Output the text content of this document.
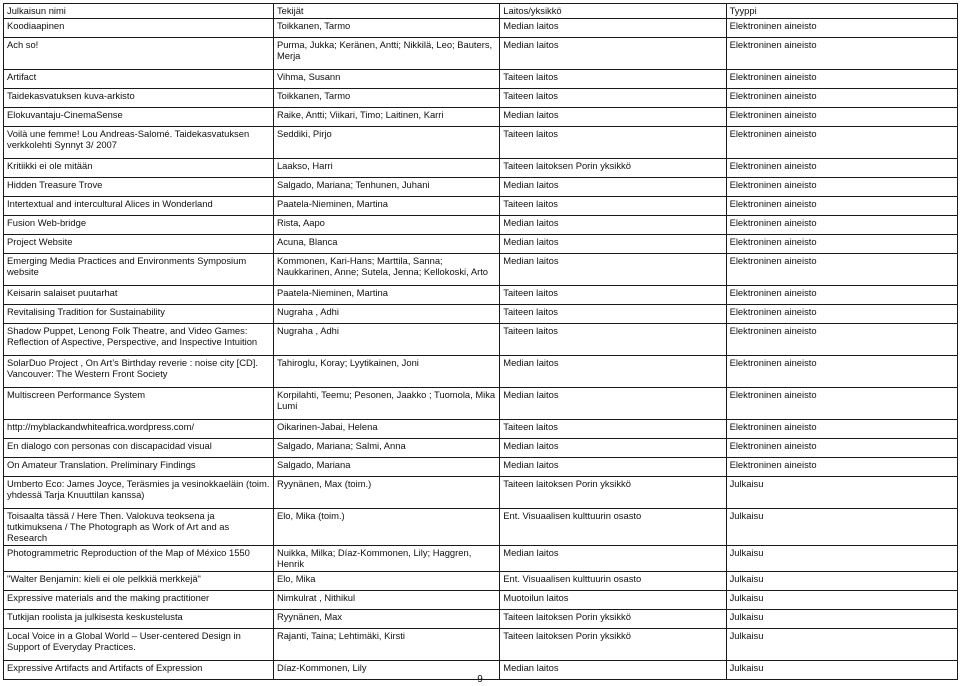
Julkaisun nimi	Tekijät	Laitos/yksikkö	Tyyppi
Koodiaapinen	Toikkanen, Tarmo	Median laitos	Elektroninen aineisto
Ach so!	Purma, Jukka; Keränen, Antti; Nikkilä, Leo; Bauters, Merja	Median laitos	Elektroninen aineisto
Artifact	Vihma, Susann	Taiteen laitos	Elektroninen aineisto
Taidekasvatuksen kuva-arkisto	Toikkanen, Tarmo	Taiteen laitos	Elektroninen aineisto
Elokuvantaju-CinemaSense	Raike, Antti; Viikari, Timo; Laitinen, Karri	Median laitos	Elektroninen aineisto
Voilà une femme! Lou Andreas-Salomé. Taidekasvatuksen verkkolehti Synnyt 3/ 2007	Seddiki, Pirjo	Taiteen laitos	Elektroninen aineisto
Kritiikki ei ole mitään	Laakso, Harri	Taiteen laitoksen Porin yksikkö	Elektroninen aineisto
Hidden Treasure Trove	Salgado, Mariana; Tenhunen, Juhani	Median laitos	Elektroninen aineisto
Intertextual and intercultural Alices in Wonderland	Paatela-Nieminen, Martina	Taiteen laitos	Elektroninen aineisto
Fusion Web-bridge	Rista, Aapo	Median laitos	Elektroninen aineisto
Project Website	Acuna, Blanca	Median laitos	Elektroninen aineisto
Emerging Media Practices and Environments Symposium website	Kommonen, Kari-Hans; Marttila, Sanna; Naukkarinen, Anne; Sutela, Jenna; Kellokoski, Arto	Median laitos	Elektroninen aineisto
Keisarin salaiset puutarhat	Paatela-Nieminen, Martina	Taiteen laitos	Elektroninen aineisto
Revitalising Tradition for Sustainability	Nugraha , Adhi	Taiteen laitos	Elektroninen aineisto
Shadow Puppet, Lenong Folk Theatre, and Video Games: Reflection of Aspective, Perspective, and Inspective Intuition	Nugraha , Adhi	Taiteen laitos	Elektroninen aineisto
SolarDuo Project , On Art’s Birthday reverie : noise city [CD]. Vancouver: The Western Front Society	Tahiroglu, Koray; Lyytikainen, Joni	Median laitos	Elektroninen aineisto
Multiscreen Performance System	Korpilahti, Teemu; Pesonen, Jaakko ; Tuomola, Mika Lumi	Median laitos	Elektroninen aineisto
http://myblackandwhiteafrica.wordpress.com/	Oikarinen-Jabai, Helena	Taiteen laitos	Elektroninen aineisto
En dialogo con personas con discapacidad visual	Salgado, Mariana; Salmi, Anna	Median laitos	Elektroninen aineisto
On Amateur Translation. Preliminary Findings	Salgado, Mariana	Median laitos	Elektroninen aineisto
Umberto Eco: James Joyce, Teräsmies ja vesinokkaeläin (toim. yhdessä Tarja Knuuttilan kanssa)	Ryynänen, Max (toim.)	Taiteen laitoksen Porin yksikkö	Julkaisu
Toisaalta tässä / Here Then. Valokuva teoksena ja tutkimuksena / The Photograph as Work of Art and as Research	Elo, Mika (toim.)	Ent. Visuaalisen kulttuurin osasto	Julkaisu
Photogrammetric Reproduction of the Map of México 1550	Nuikka, Milka; Díaz-Kommonen, Lily; Haggren, Henrik	Median laitos	Julkaisu
"Walter Benjamin: kieli ei ole pelkkiä merkkejä"	Elo, Mika	Ent. Visuaalisen kulttuurin osasto	Julkaisu
Expressive materials and the making practitioner	Nimkulrat , Nithikul	Muotoilun laitos	Julkaisu
Tutkijan roolista ja julkisesta keskustelusta	Ryynänen, Max	Taiteen laitoksen Porin yksikkö	Julkaisu
Local Voice in a Global World – User-centered Design in Support of Everyday Practices.	Rajanti, Taina; Lehtimäki, Kirsti	Taiteen laitoksen Porin yksikkö	Julkaisu
Expressive Artifacts and Artifacts of Expression	Díaz-Kommonen, Lily	Median laitos	Julkaisu
9
